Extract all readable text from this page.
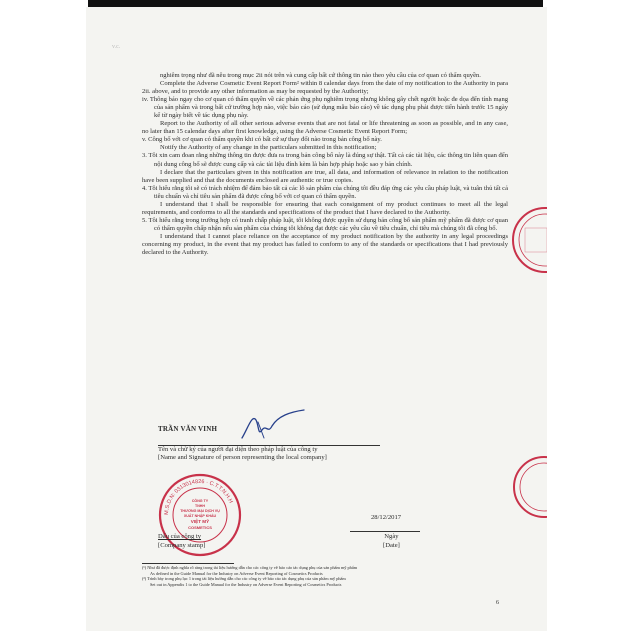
v.c.

nghiêm trọng như đã nêu trong mục 2ii nói trên và cung cấp bất cứ thông tin nào theo yêu cầu của cơ quan có thẩm quyền.

Complete the Adverse Cosmetic Event Report Form² within 8 calendar days from the date of my notification to the Authority in para 2ii. above, and to provide any other information as may be requested by the Authority;

iv. Thông báo ngay cho cơ quan có thẩm quyền về các phản ứng phụ nghiêm trọng nhưng không gây chết người hoặc đe dọa đến tính mạng của sản phẩm và trong bất cứ trường hợp nào, việc báo cáo (sử dụng mẫu báo cáo) về tác dụng phụ phải được tiến hành trước 15 ngày kể từ ngày biết về tác dụng phụ này.

Report to the Authority of all other serious adverse events that are not fatal or life threatening as soon as possible, and in any case, no later than 15 calendar days after first knowledge, using the Adverse Cosmetic Event Report Form;

v. Công bố với cơ quan có thẩm quyền khi có bất cứ sự thay đổi nào trong bản công bố này.

Notify the Authority of any change in the particulars submitted in this notification;

3. Tôi xin cam đoan rằng những thông tin được đưa ra trong bản công bố này là đúng sự thật. Tất cả các tài liệu, các thông tin liên quan đến nội dung công bố sẽ được cung cấp và các tài liệu đính kèm là bản hợp pháp hoặc sao y bản chính.

I declare that the particulars given in this notification are true, all data, and information of relevance in relation to the notification have been supplied and that the documents enclosed are authentic or true copies.

4. Tôi hiểu rằng tôi sẽ có trách nhiệm để đảm bảo tất cả các lô sản phẩm của chúng tôi đều đáp ứng các yêu cầu pháp luật, và tuân thủ tất cả tiêu chuẩn và chỉ tiêu sản phẩm đã được công bố với cơ quan có thẩm quyền.

I understand that I shall be responsible for ensuring that each consignment of my product continues to meet all the legal requirements, and conforms to all the standards and specifications of the product that I have declared to the Authority.

5. Tôi hiểu rằng trong trường hợp có tranh chấp pháp luật, tôi không được quyền sử dụng bản công bố sản phẩm mỹ phẩm đã được cơ quan có thẩm quyền chấp nhận nếu sản phẩm của chúng tôi không đạt được các yêu cầu về tiêu chuẩn, chỉ tiêu mà chúng tôi đã công bố.

I understand that I cannot place reliance on the acceptance of my product notification by the authority in any legal proceedings concerning my product, in the event that my product has failed to conform to any of the standards or specifications that I had previously declared to the Authority.

TRẦN VĂN VINH
Tên và chữ ký của người đại diện theo pháp luật của công ty
[Name and Signature of person representing the local company]
M.S.D.N: 0313014826 · C.T.T.N.H.H
CÔNG TY
TNHH
THƯƠNG MẠI DỊCH VỤ
XUẤT NHẬP KHẨU
VIỆT MỸ
COSMETICS
28/12/2017
Ngày
[Date]
Dấu của công ty
[Company stamp]
(¹) Như đã được định nghĩa rõ ràng trong tài liệu hướng dẫn cho các công ty về báo cáo tác dụng phụ của sản phẩm mỹ phẩm
As defined in the Guide Manual for the Industry on Adverse Event Reporting of Cosmetics Products
(²) Trình bày trong phụ lục 1 trong tài liệu hướng dẫn cho các công ty về báo cáo tác dụng phụ của sản phẩm mỹ phẩm
Set out in Appendix 1 to the Guide Manual for the Industry on Adverse Event Reporting of Cosmetics Products
6
